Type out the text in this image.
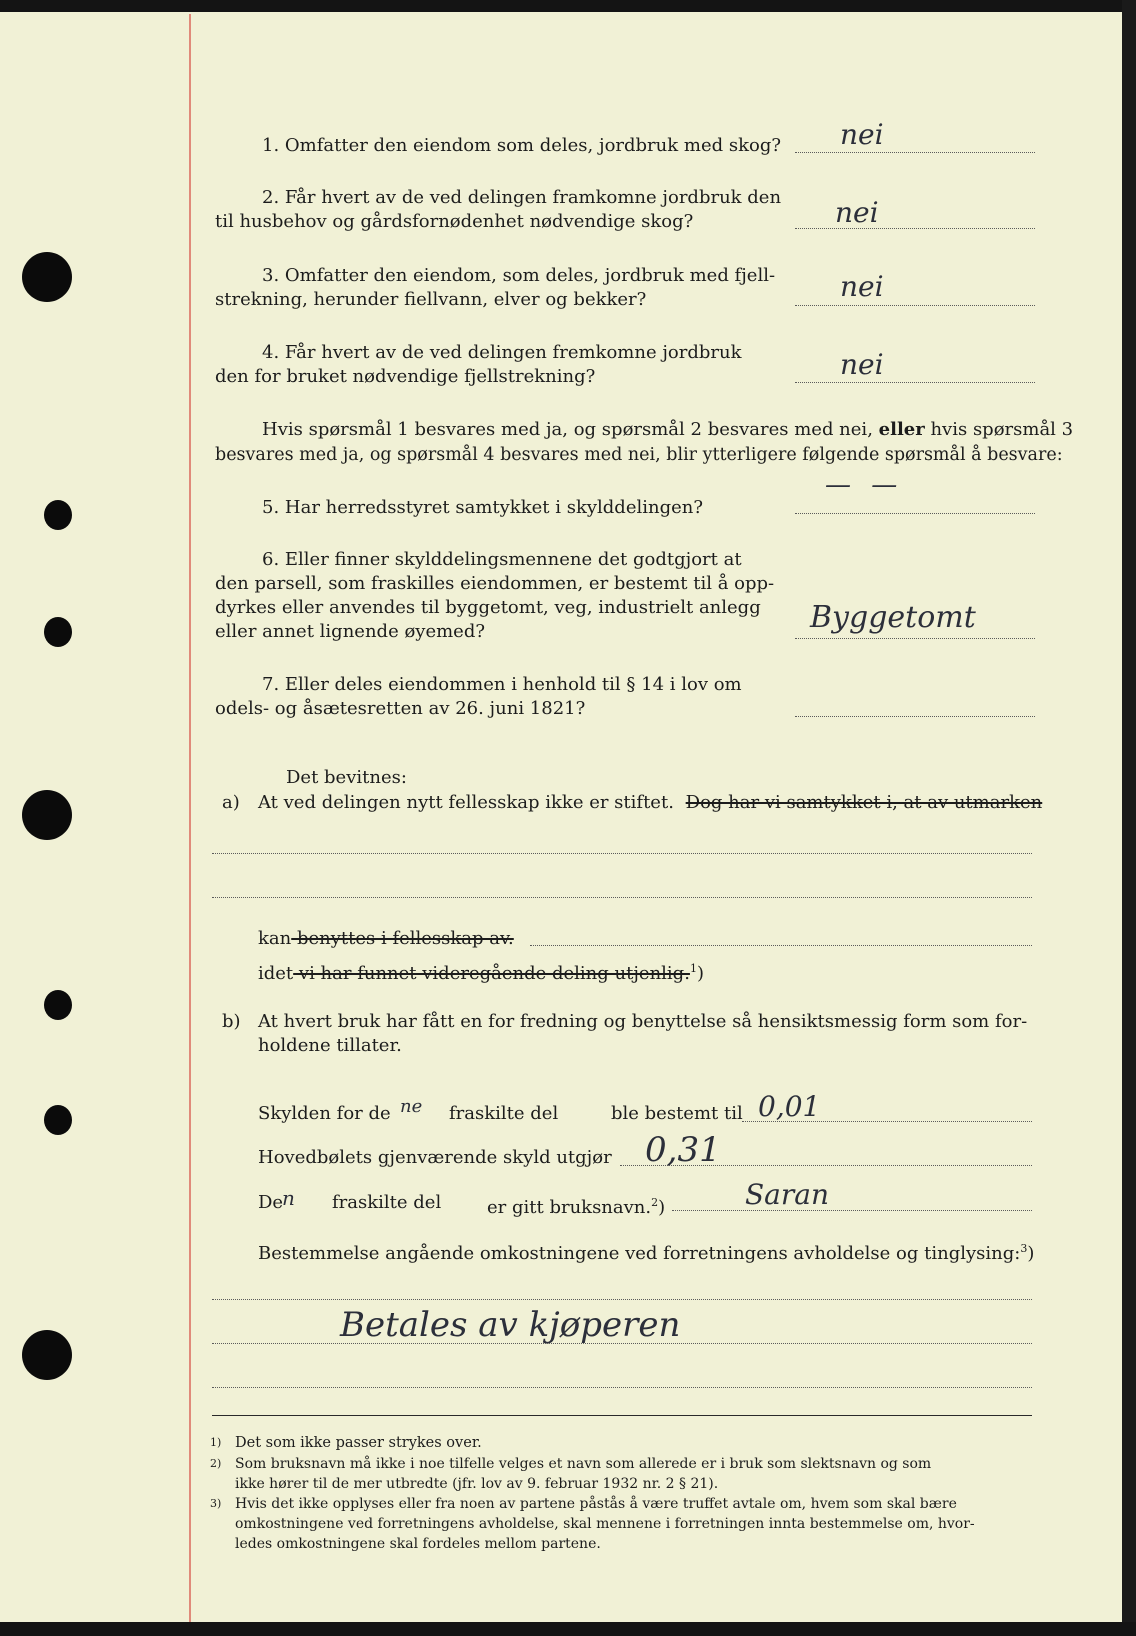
1. Omfatter den eiendom som deles, jordbruk med skog? nei
2. Får hvert av de ved delingen framkomne jordbruk den
til husbehov og gårdsfornødenhet nødvendige skog?	nei
3. Omfatter den eiendom, som deles, jordbruk med fjell-
strekning, herunder fiellvann, elver og bekker?	nei
4. Får hvert av de ved delingen fremkomne jordbruk
den for bruket nødvendige fjellstrekning?	nei
Hvis spørsmål 1 besvares med ja, og spørsmål 2 besvares med nei, eller hvis spørsmål 3
besvares med ja, og spørsmål 4 besvares med nei, blir ytterligere følgende spørsmål å besvare:
5. Har herredsstyret samtykket i skylddelingen?
— —
6. Eller finner skylddelingsmennene det godtgjort at
den parsell, som fraskilles eiendommen, er bestemt til å opp-
dyrkes eller anvendes til byggetomt, veg, industrielt anlegg
eller annet lignende øyemed?	Byggetomt
7. Eller deles eiendommen i henhold til § 14 i lov om
odels- og åsætesretten av 26. juni 1821?
Det bevitnes:
a) At ved delingen nytt fellesskap ikke er stiftet. Dog har vi samtykket i, at av utmarken
kan benyttes i fellesskap av.
idet vi har funnet videregående deling utjenlig.$^1$)
b) At hvert bruk har fått en for fredning og benyttelse så hensiktsmessig form som for-
holdene tillater.
Skylden for de ne fraskilte del	ble bestemt til 0,01
Hovedbølets gjenværende skyld utgjør 0,31
De
n fraskilte del	er gitt bruksnavn.$^2$)	Saran
Bestemmelse angående omkostningene ved forretningens avholdelse og tinglysing:$^3$)
Betales av kjøperen
1) Det som ikke passer strykes over.
2) Som bruksnavn må ikke i noe tilfelle velges et navn som allerede er i bruk som slektsnavn og som
ikke hører til de mer utbredte (jfr. lov av 9. februar 1932 nr. 2 § 21).
3) Hvis det ikke opplyses eller fra noen av partene påstås å være truffet avtale om, hvem som skal bære
omkostningene ved forretningens avholdelse, skal mennene i forretningen innta bestemmelse om, hvor-
ledes omkostningene skal fordeles mellom partene.
